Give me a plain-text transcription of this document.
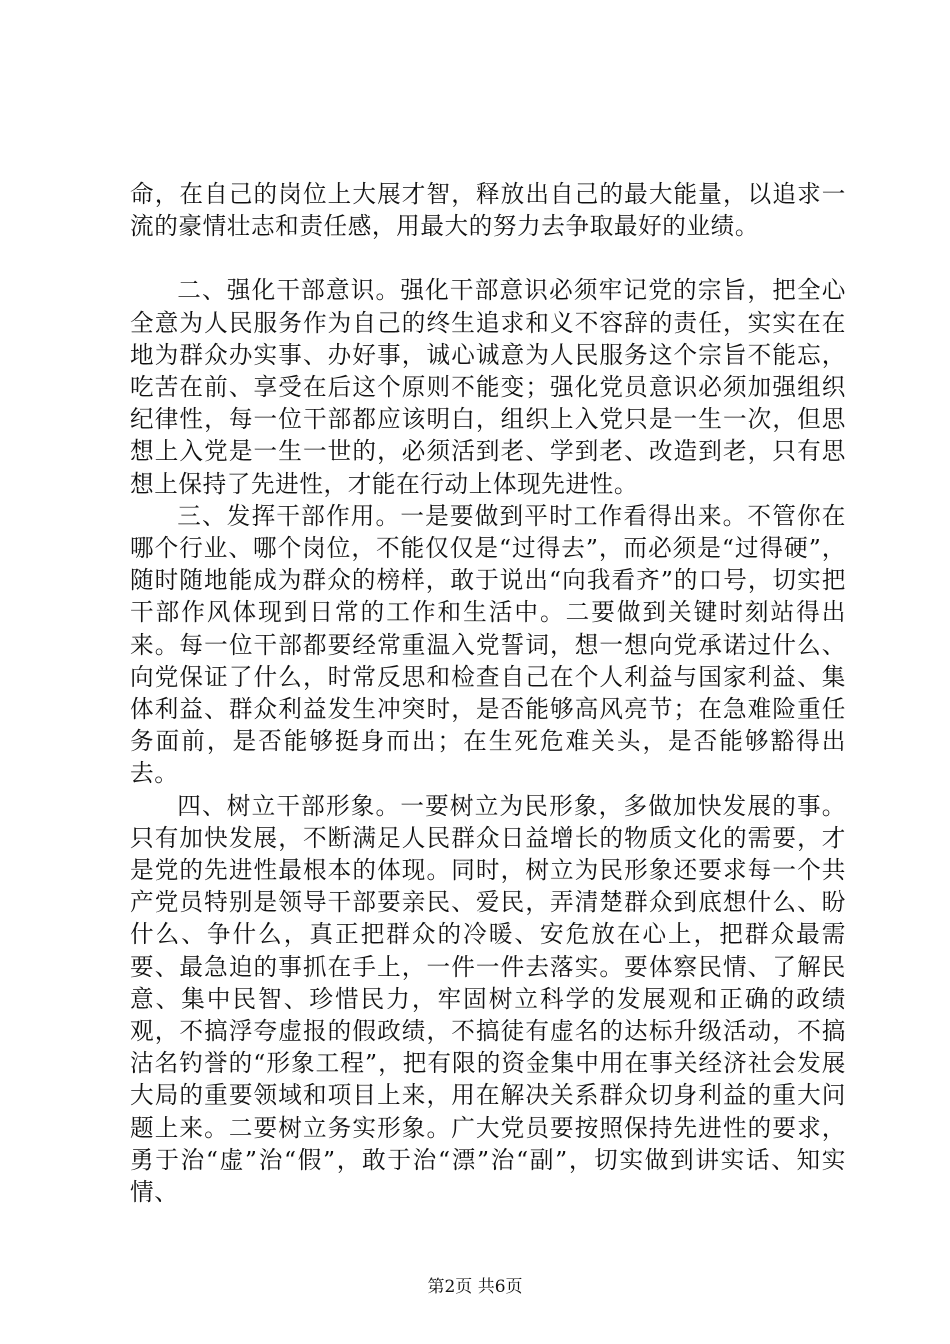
命，在自己的岗位上大展才智，释放出自己的最大能量，以追求一流的豪情壮志和责任感，用最大的努力去争取最好的业绩。

二、强化干部意识。强化干部意识必须牢记党的宗旨，把全心全意为人民服务作为自己的终生追求和义不容辞的责任，实实在在地为群众办实事、办好事，诚心诚意为人民服务这个宗旨不能忘，吃苦在前、享受在后这个原则不能变；强化党员意识必须加强组织纪律性，每一位干部都应该明白，组织上入党只是一生一次，但思想上入党是一生一世的，必须活到老、学到老、改造到老，只有思想上保持了先进性，才能在行动上体现先进性。

三、发挥干部作用。一是要做到平时工作看得出来。不管你在哪个行业、哪个岗位，不能仅仅是“过得去”，而必须是“过得硬”，随时随地能成为群众的榜样，敢于说出“向我看齐”的口号，切实把干部作风体现到日常的工作和生活中。二要做到关键时刻站得出来。每一位干部都要经常重温入党誓词，想一想向党承诺过什么、向党保证了什么，时常反思和检查自己在个人利益与国家利益、集体利益、群众利益发生冲突时，是否能够高风亮节；在急难险重任务面前，是否能够挺身而出；在生死危难关头，是否能够豁得出去。

四、树立干部形象。一要树立为民形象，多做加快发展的事。只有加快发展，不断满足人民群众日益增长的物质文化的需要，才是党的先进性最根本的体现。同时，树立为民形象还要求每一个共产党员特别是领导干部要亲民、爱民，弄清楚群众到底想什么、盼什么、争什么，真正把群众的冷暖、安危放在心上，把群众最需要、最急迫的事抓在手上，一件一件去落实。要体察民情、了解民意、集中民智、珍惜民力，牢固树立科学的发展观和正确的政绩观，不搞浮夸虚报的假政绩，不搞徒有虚名的达标升级活动，不搞沽名钓誉的“形象工程”，把有限的资金集中用在事关经济社会发展大局的重要领域和项目上来，用在解决关系群众切身利益的重大问题上来。二要树立务实形象。广大党员要按照保持先进性的要求，勇于治“虚”治“假”，敢于治“漂”治“副”，切实做到讲实话、知实情、

第2页 共6页
